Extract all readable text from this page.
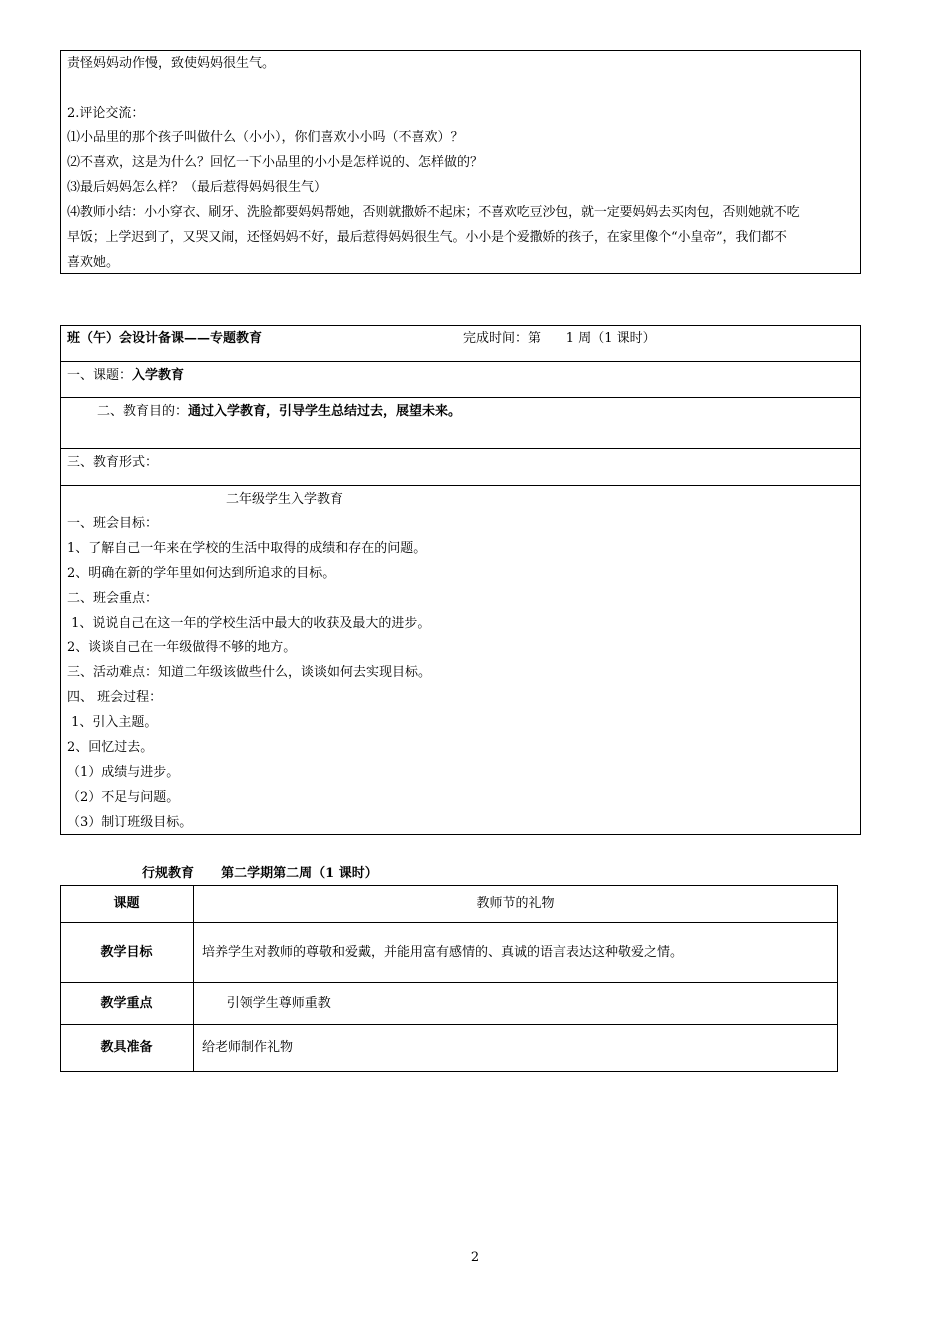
责怪妈妈动作慢，致使妈妈很生气。
2.评论交流：
⑴小品里的那个孩子叫做什么（小小），你们喜欢小小吗（不喜欢）？
⑵不喜欢，这是为什么？回忆一下小品里的小小是怎样说的、怎样做的？
⑶最后妈妈怎么样？（最后惹得妈妈很生气）
⑷教师小结：小小穿衣、刷牙、洗脸都要妈妈帮她，否则就撒娇不起床；不喜欢吃豆沙包，就一定要妈妈去买肉包，否则她就不吃
早饭；上学迟到了，又哭又闹，还怪妈妈不好，最后惹得妈妈很生气。小小是个爱撒娇的孩子，在家里像个“小皇帝”，我们都不
喜欢她。
班（午）会设计备课——专题教育	完成时间：第      1 周（1 课时）
一、课题：入学教育
二、教育目的：通过入学教育，引导学生总结过去，展望未来。
三、教育形式：
二年级学生入学教育
一、班会目标：
1、了解自己一年来在学校的生活中取得的成绩和存在的问题。
2、明确在新的学年里如何达到所追求的目标。
二、班会重点：
1、说说自己在这一年的学校生活中最大的收获及最大的进步。
2、谈谈自己在一年级做得不够的地方。
三、活动难点：知道二年级该做些什么，谈谈如何去实现目标。
四、 班会过程：
1、引入主题。
2、回忆过去。
（1）成绩与进步。
（2）不足与问题。
（3）制订班级目标。
行规教育      第二学期第二周（1 课时）
课题	教师节的礼物
教学目标	培养学生对教师的尊敬和爱戴，并能用富有感情的、真诚的语言表达这种敬爱之情。
教学重点	引领学生尊师重教
教具准备	给老师制作礼物
2
